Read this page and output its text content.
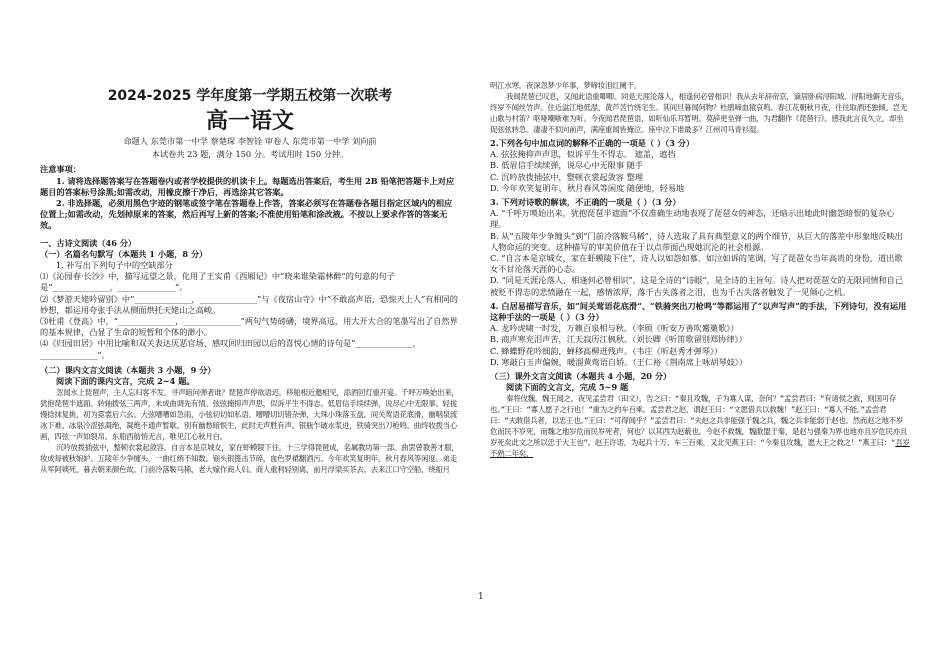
2024-2025 学年度第一学期五校第一次联考
高一语文
命题人 东莞市第一中学 蔡楚琛 李智铨 审卷人 东莞市第一中学 刘向前
本试卷共 23 题，满分 150 分。考试用时 150 分钟。
注意事项：

1. 请将选择题答案写在答题卷内或者学校提供的机读卡上。每题选出答案后，考生用 2B 铅笔把答题卡上对应题目的答案标号涂黑;如需改动，用橡皮擦干净后，再选涂其它答案。

2. 非选择题，必须用黑色字迹的钢笔或签字笔在答题卷上作答，答案必须写在答题卷各题目指定区域内的相应位置上;如需改动，先划掉原来的答案，然后再写上新的答案;不准使用铅笔和涂改液。不按以上要求作答的答案无效。

一、古诗文阅读（46 分）
（一）名篇名句默写（本题共 1 小题，8 分）

1. 补写出下列句子中的空缺部分

⑴《沁园春·长沙》中，描写远望之景，化用了王实甫《西厢记》中“晓来谁染霜林醉”的句意的句子是“______________，______________”。

⑵《梦游天姥吟留别》中“______________，______________”与《夜宿山寺》中“不敢高声语，恐惊天上人”有相同的妙想，都运用夸张手法从侧面烘托天姥山之高峻。

⑶杜甫《登高》中，“______________，______________”两句气势磅礴，境界高远，用大开大合的笔墨写出了自然界的基本规律，凸显了生命的短暂和个体的渺小。

⑷《归园田居》中用比喻和双关表达厌恶官场、感叹回归田园以后的喜悦心情的诗句是“______________，______________”。

（二）课内文言文阅读（本题共 3 小题，9 分）

阅读下面的课内文言，完成 2~4 题。

忽闻水上琵琶声，主人忘归客不发。寻声暗问弹者谁？琵琶声停欲语迟。移船相近邀相见，添酒回灯重开宴。千呼万唤始出来，犹抱琵琶半遮面。转轴拨弦三两声，未成曲调先有情。弦弦掩抑声声思，似诉平生不得志。低眉信手续续弹，说尽心中无限事。轻拢慢捻抹复挑，初为霓裳后六幺。大弦嘈嘈如急雨，小弦切切如私语。嘈嘈切切错杂弹，大珠小珠落玉盘。间关莺语花底滑，幽咽泉流冰下难。冰泉冷涩弦凝绝，凝绝不通声暂歇。别有幽愁暗恨生，此时无声胜有声。银瓶乍破水浆迸，铁骑突出刀枪鸣。曲终收拨当心画，四弦一声如裂帛。东船西舫悄无言，唯见江心秋月白。

沉吟放拨插弦中，整顿衣裳起敛容。自言本是京城女，家在虾蟆陵下住。十三学得琵琶成，名属教坊第一部。曲罢曾教善才服，妆成每被秋娘妒。五陵年少争缠头，一曲红绡不知数。钿头银篦击节碎，血色罗裙翻酒污。今年欢笑复明年，秋月春风等闲度。弟走从军阿姨死，暮去朝来颜色故。门前冷落鞍马稀，老大嫁作商人妇。商人重利轻别离，前月浮梁买茶去。去来江口守空船，绕船月

明江水寒。夜深忽梦少年事，梦啼妆泪红阑干。

我闻琵琶已叹息，又闻此语重唧唧。同是天涯沦落人，相逢何必曾相识！我从去年辞帝京，谪居卧病浔阳城。浔阳地僻无音乐，终岁不闻丝竹声。住近湓江地低湿，黄芦苦竹绕宅生。其间旦暮闻何物？杜鹃啼血猿哀鸣。春江花朝秋月夜，往往取酒还独倾。岂无山歌与村笛？呕哑嘲哳难为听。今夜闻君琵琶语，如听仙乐耳暂明。莫辞更坐弹一曲，为君翻作《琵琶行》。感我此言良久立，却坐促弦弦转急。凄凄不似向前声，满座重闻皆掩泣。座中泣下谁最多？江州司马青衫湿。

2.下列各句中加点词的解释不正确的一项是（ ）（3 分）

A. 弦弦掩抑声声思，似诉平生不得志。 遮盖，遮挡

B. 低眉信手续续弹，说尽心中无限事 随手

C. 沉吟放拨插弦中，整顿衣裳起敛容 整理

D. 今年欢笑复明年，秋月春风等闲度 随便地，轻易地

3. 下列对诗歌的解读，不正确的一项是（ ）（3 分）

A. “千呼万唤始出来，犹抱琵琶半遮面”不仅准确生动地表现了琵琶女的神态，还暗示出她此时幽怨暗恨的复杂心理。

B. 从“五陵年少争缠头”到“门前冷落鞍马稀”，诗人选取了具有典型意义的两个细节，从巨大的落差中形象地反映出人物命运的突变。这种描写的审美价值在于以点带面凸现她沉沦的社会根源。

C. “自言本是京城女，家在虾蟆陵下住”，诗人以如怨如慕、如泣如诉的笔调，写了琵琶女当年高贵的身份，道出歌女不甘沦落天涯的心态。

D. “同是天涯沦落人，相逢何必曾相识”，这是全诗的“诗眼”，是全诗的主旨句。诗人把对琵琶女的无限同情和自己被贬不得志的悲愤融在一起，感情浓厚，落千古失落者之泪，也为千古失落者触发了一见倾心之机。

4. 白居易描写音乐，如“间关莺语花底滑”、“铁骑突出刀枪鸣”等都运用了“以声写声”的手法，下列诗句，没有运用这种手法的一项是（ ）（3 分）

A. 龙吟虎啸一时发，万籁百泉相与秋。（李颀《听安万善吹觱篥歌》）

B. 商声寒充泪声苦，江天寂历江枫秋。（刘长卿《听笛歌留别郑协律》）

C. 蜂蝶野花吟细韵，蝉移高柳迸残声。（韦庄《听赵秀才弹琴》）

D. 寒敲白玉声偏婉，暖溜黄莺语自娇。（王仁裕《荆南席上咏胡琴妓》）

（三）课外文言文阅读（本题共 4 小题，20 分）

阅读下面的文言文，完成 5~9 题

秦将伐魏。魏王闻之，夜见孟尝君（田文），告之曰：“秦且攻魏，子为寡人谋，奈何？”孟尝君曰：“有诸侯之救，则国可存也。”王曰：“寡人愿子之行也！”重为之约车百乘。孟尝君之赵，谓赵王曰：“文愿借兵以救魏！”赵王曰：“寡人不能。”孟尝君曰：“夫敢借兵者，以忠王也。”王曰：“可得闻乎？”孟尝君曰：“夫赵之兵非能强于魏之兵，魏之兵非能弱于赵也。然而赵之地不岁危而民不岁死，而魏之地岁危而民岁死者，何也？以其西为赵蔽也。今赵不救魏，魏歃盟于秦，是赵与强秦为界也地亦且岁危民亦且岁死矣此文之所以忠于大王也”。赵王许诺，为起兵十万、车三百乘，又北见燕王曰：“今秦且攻魏，愿大王之救之！”燕王曰：“吾岁不熟二年矣，

1
